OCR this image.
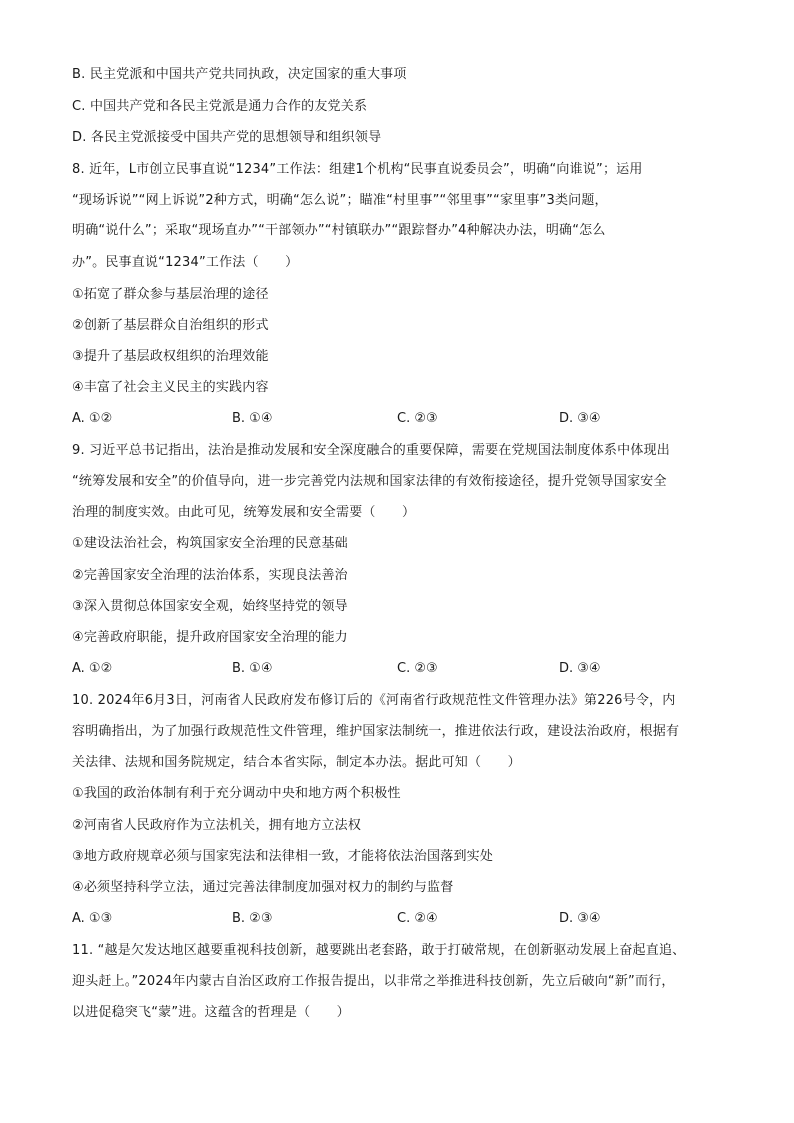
B. 民主党派和中国共产党共同执政，决定国家的重大事项
C. 中国共产党和各民主党派是通力合作的友党关系
D. 各民主党派接受中国共产党的思想领导和组织领导
8. 近年，L市创立民事直说“1234”工作法：组建1个机构“民事直说委员会”，明确“向谁说”；运用
“现场诉说”“网上诉说”2种方式，明确“怎么说”；瞄准“村里事”“邻里事”“家里事”3类问题，
明确“说什么”；采取“现场直办”“干部领办”“村镇联办”“跟踪督办”4种解决办法，明确“怎么
办”。民事直说“1234”工作法（　　）
①拓宽了群众参与基层治理的途径
②创新了基层群众自治组织的形式
③提升了基层政权组织的治理效能
④丰富了社会主义民主的实践内容
A. ①②	B. ①④	C. ②③	D. ③④
9. 习近平总书记指出，法治是推动发展和安全深度融合的重要保障，需要在党规国法制度体系中体现出
“统筹发展和安全”的价值导向，进一步完善党内法规和国家法律的有效衔接途径，提升党领导国家安全
治理的制度实效。由此可见，统筹发展和安全需要（　　）
①建设法治社会，构筑国家安全治理的民意基础
②完善国家安全治理的法治体系，实现良法善治
③深入贯彻总体国家安全观，始终坚持党的领导
④完善政府职能，提升政府国家安全治理的能力
A. ①②	B. ①④	C. ②③	D. ③④
10. 2024年6月3日，河南省人民政府发布修订后的《河南省行政规范性文件管理办法》第226号令，内
容明确指出，为了加强行政规范性文件管理，维护国家法制统一，推进依法行政，建设法治政府，根据有
关法律、法规和国务院规定，结合本省实际，制定本办法。据此可知（　　）
①我国的政治体制有利于充分调动中央和地方两个积极性
②河南省人民政府作为立法机关，拥有地方立法权
③地方政府规章必须与国家宪法和法律相一致，才能将依法治国落到实处
④必须坚持科学立法，通过完善法律制度加强对权力的制约与监督
A. ①③	B. ②③	C. ②④	D. ③④
11. “越是欠发达地区越要重视科技创新，越要跳出老套路，敢于打破常规，在创新驱动发展上奋起直追、
迎头赶上。”2024年内蒙古自治区政府工作报告提出，以非常之举推进科技创新，先立后破向“新”而行，
以进促稳突飞“蒙”进。这蕴含的哲理是（　　）
